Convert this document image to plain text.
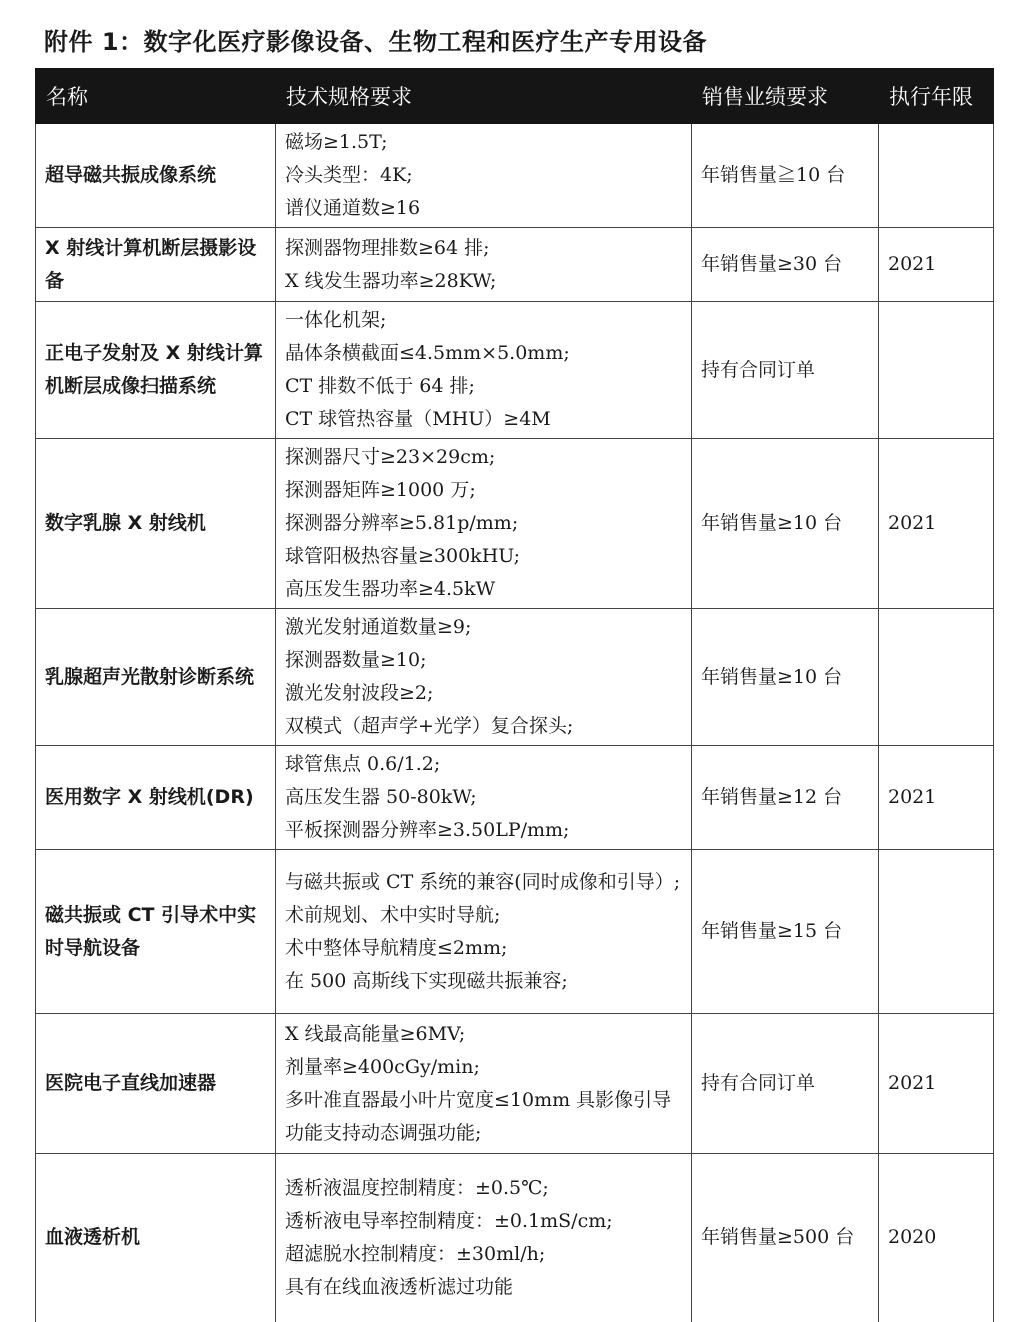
附件 1：数字化医疗影像设备、生物工程和医疗生产专用设备
名称	技术规格要求	销售业绩要求	执行年限
超导磁共振成像系统	磁场≥1.5T;
冷头类型：4K;
谱仪通道数≥16	年销售量≧10 台	
X 射线计算机断层摄影设备	探测器物理排数≥64 排;
X 线发生器功率≥28KW;	年销售量≥30 台	2021
正电子发射及 X 射线计算机断层成像扫描系统	一体化机架;
晶体条横截面≤4.5mm×5.0mm;
CT 排数不低于 64 排;
CT 球管热容量（MHU）≥4M	持有合同订单	
数字乳腺 X 射线机	探测器尺寸≥23×29cm;
探测器矩阵≥1000 万;
探测器分辨率≥5.81p/mm;
球管阳极热容量≥300kHU;
高压发生器功率≥4.5kW	年销售量≥10 台	2021
乳腺超声光散射诊断系统	激光发射通道数量≥9;
探测器数量≥10;
激光发射波段≥2;
双模式（超声学+光学）复合探头;	年销售量≥10 台	
医用数字 X 射线机(DR)	球管焦点 0.6/1.2;
高压发生器 50-80kW;
平板探测器分辨率≥3.50LP/mm;	年销售量≥12 台	2021
磁共振或 CT 引导术中实时导航设备	与磁共振或 CT 系统的兼容(同时成像和引导）;
术前规划、术中实时导航;
术中整体导航精度≤2mm;
在 500 高斯线下实现磁共振兼容;	年销售量≥15 台	
医院电子直线加速器	X 线最高能量≥6MV;
剂量率≥400cGy/min;
多叶准直器最小叶片宽度≤10mm 具影像引导功能支持动态调强功能;	持有合同订单	2021
血液透析机	透析液温度控制精度：±0.5℃;
透析液电导率控制精度：±0.1mS/cm;
超滤脱水控制精度：±30ml/h;
具有在线血液透析滤过功能	年销售量≥500 台	2020
